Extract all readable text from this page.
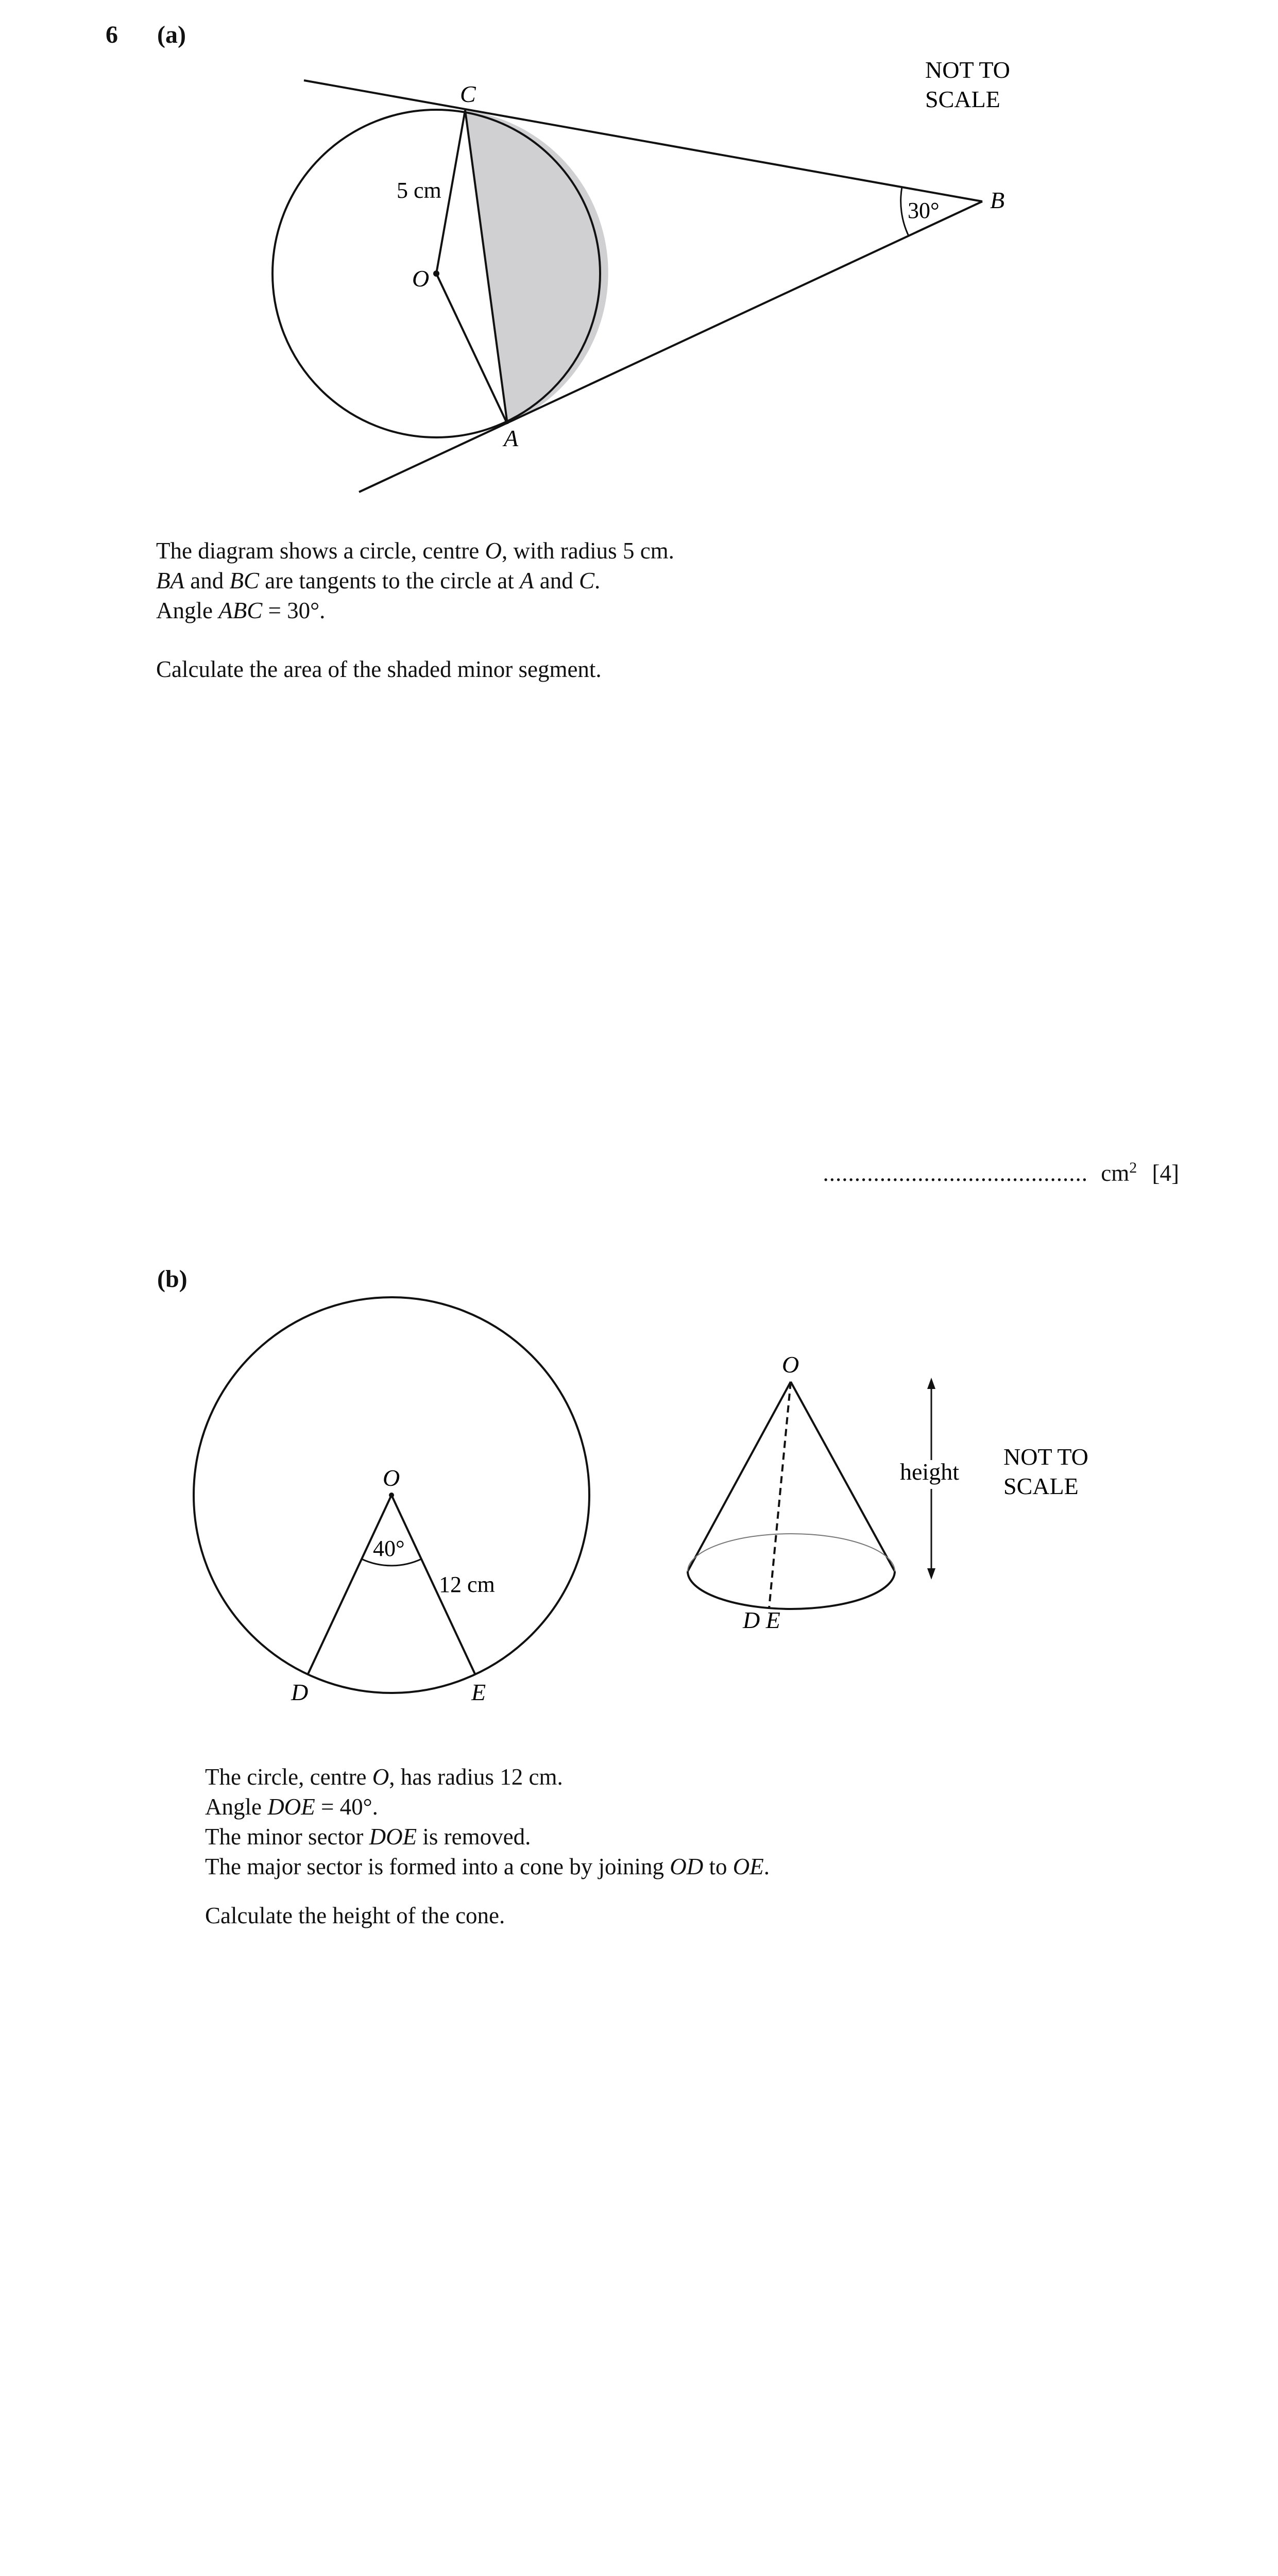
6 (a)
C
B
O
A
5 cm
30°
NOT TO
SCALE
The diagram shows a circle, centre O, with radius 5 cm.
BA and BC are tangents to the circle at A and C.
Angle ABC = 30°.
Calculate the area of the shaded minor segment.
.......................................... $cm^2$ [4]
(b)
O
40°
12 cm
D	E
O
height
D E
NOT TO
SCALE
The circle, centre O, has radius 12 cm.
Angle DOE = 40°.
The minor sector DOE is removed.
The major sector is formed into a cone by joining OD to OE.
Calculate the height of the cone.
